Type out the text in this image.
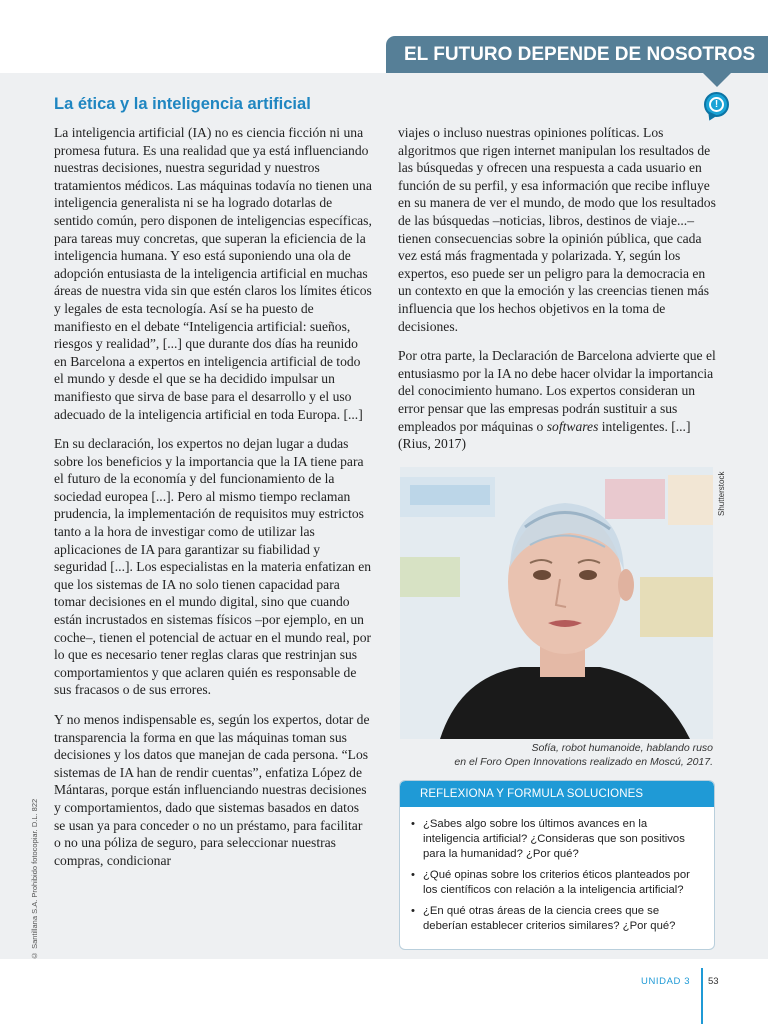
EL FUTURO DEPENDE DE NOSOTROS
!
La ética y la inteligencia artificial

La inteligencia artificial (IA) no es ciencia ficción ni una promesa futura. Es una realidad que ya está influenciando nuestras decisiones, nuestra seguridad y nuestros tratamientos médicos. Las máquinas todavía no tienen una inteligencia generalista ni se ha logrado dotarlas de sentido común, pero disponen de inteligencias específicas, para tareas muy concretas, que superan la eficiencia de la inteligencia humana. Y eso está suponiendo una ola de adopción entusiasta de la inteligencia artificial en muchas áreas de nuestra vida sin que estén claros los límites éticos y legales de esta tecnología. Así se ha puesto de manifiesto en el debate “Inteligencia artificial: sueños, riesgos y realidad”, [...] que durante dos días ha reunido en Barcelona a expertos en inteligencia artificial de todo el mundo y desde el que se ha decidido impulsar un manifiesto que sirva de base para el desarrollo y el uso adecuado de la inteligencia artificial en toda Europa. [...]

En su declaración, los expertos no dejan lugar a dudas sobre los beneficios y la importancia que la IA tiene para el futuro de la economía y del funcionamiento de la sociedad europea [...]. Pero al mismo tiempo reclaman prudencia, la implementación de requisitos muy estrictos tanto a la hora de investigar como de utilizar las aplicaciones de IA para garantizar su fiabilidad y seguridad [...]. Los especialistas en la materia enfatizan en que los sistemas de IA no solo tienen capacidad para tomar decisiones en el mundo digital, sino que cuando están incrustados en sistemas físicos –por ejemplo, en un coche–, tienen el potencial de actuar en el mundo real, por lo que es necesario tener reglas claras que restrinjan sus comportamientos y que aclaren quién es responsable de sus fracasos o de sus errores.

Y no menos indispensable es, según los expertos, dotar de transparencia la forma en que las máquinas toman sus decisiones y los datos que manejan de cada persona. “Los sistemas de IA han de rendir cuentas”, enfatiza López de Mántaras, porque están influenciando nuestras decisiones y comportamientos, dado que sistemas basados en datos se usan ya para conceder o no un préstamo, para facilitar o no una póliza de seguro, para seleccionar nuestras compras, condicionar

viajes o incluso nuestras opiniones políticas. Los algoritmos que rigen internet manipulan los resultados de las búsquedas y ofrecen una respuesta a cada usuario en función de su perfil, y esa información que recibe influye en su manera de ver el mundo, de modo que los resultados de las búsquedas –noticias, libros, destinos de viaje...– tienen consecuencias sobre la opinión pública, que cada vez está más fragmentada y polarizada. Y, según los expertos, eso puede ser un peligro para la democracia en un contexto en que la emoción y las creencias tienen más influencia que los hechos objetivos en la toma de decisiones.

Por otra parte, la Declaración de Barcelona advierte que el entusiasmo por la IA no debe hacer olvidar la importancia del conocimiento humano. Los expertos consideran un error pensar que las empresas podrán sustituir a sus empleados por máquinas o softwares inteligentes. [...] (Rius, 2017)

Shutterstock
Sofía, robot humanoide, hablando ruso
en el Foro Open Innovations realizado en Moscú, 2017.
REFLEXIONA Y FORMULA SOLUCIONES
• ¿Sabes algo sobre los últimos avances en la inteligencia artificial? ¿Consideras que son positivos para la humanidad? ¿Por qué?
• ¿Qué opinas sobre los criterios éticos planteados por los científicos con relación a la inteligencia artificial?
• ¿En qué otras áreas de la ciencia crees que se deberían establecer criterios similares? ¿Por qué?
© Santillana S.A. Prohibido fotocopiar. D.L. 822
UNIDAD 3 53
